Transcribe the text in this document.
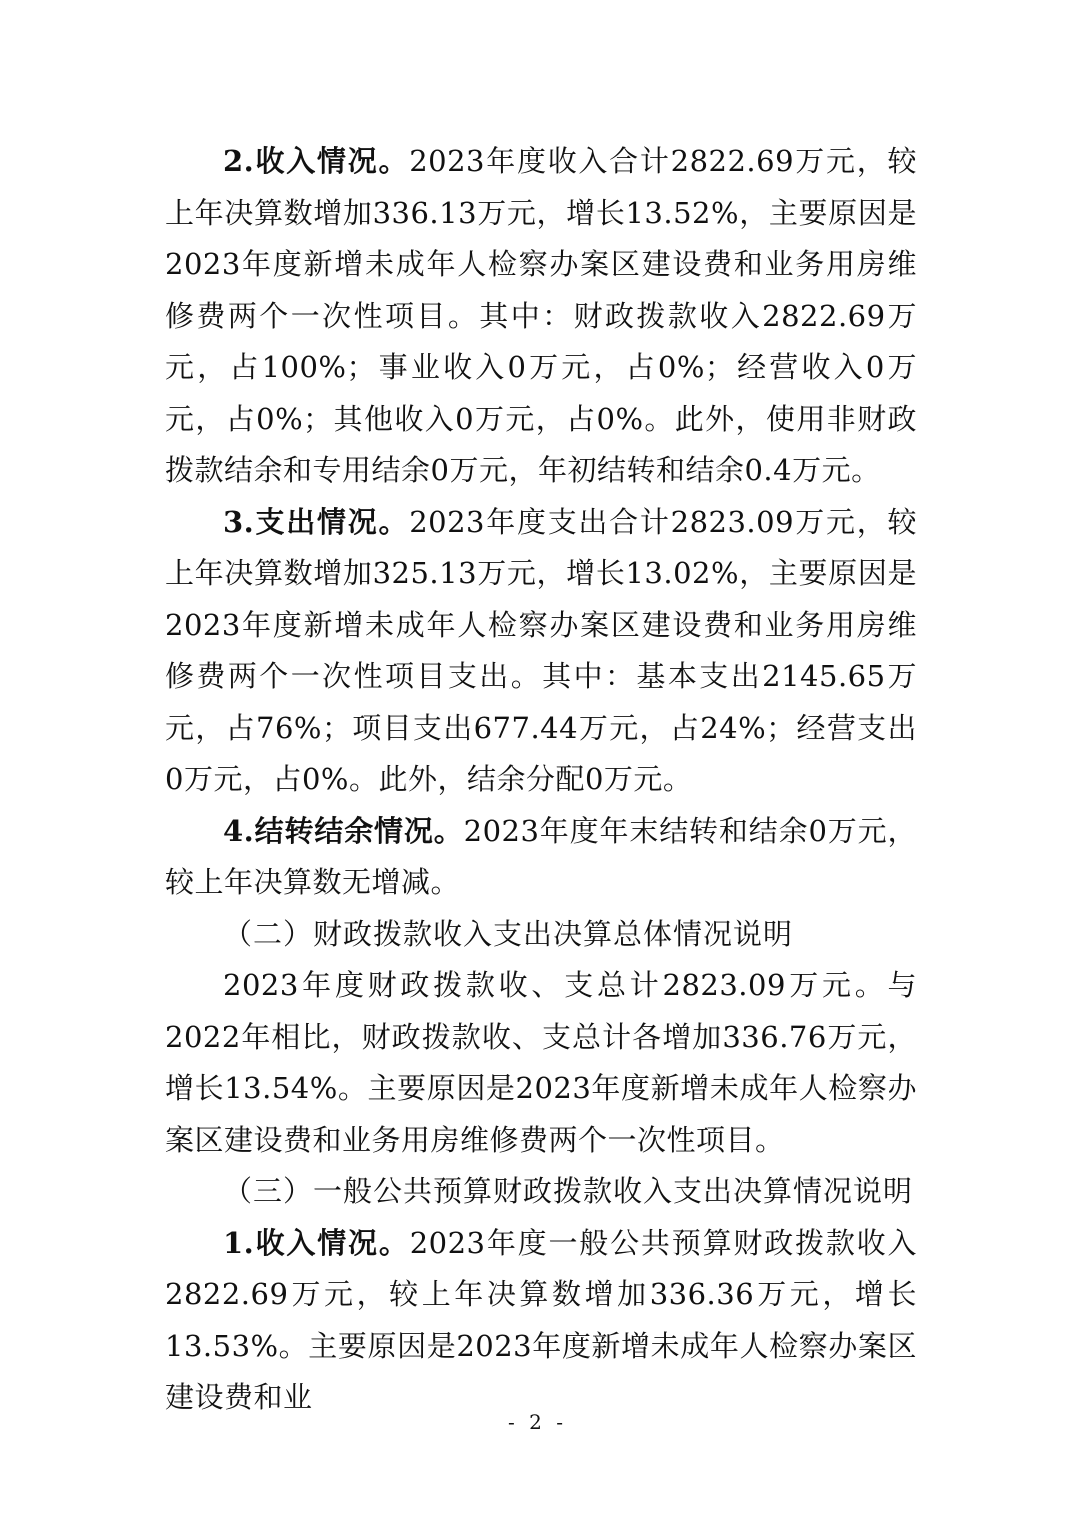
2.收入情况。2023年度收入合计2822.69万元，较上年决算数增加336.13万元，增长13.52%，主要原因是2023年度新增未成年人检察办案区建设费和业务用房维修费两个一次性项目。其中：财政拨款收入2822.69万元，占100%；事业收入0万元，占0%；经营收入0万元，占0%；其他收入0万元，占0%。此外，使用非财政拨款结余和专用结余0万元，年初结转和结余0.4万元。

3.支出情况。2023年度支出合计2823.09万元，较上年决算数增加325.13万元，增长13.02%，主要原因是2023年度新增未成年人检察办案区建设费和业务用房维修费两个一次性项目支出。其中：基本支出2145.65万元，占76%；项目支出677.44万元，占24%；经营支出0万元，占0%。此外，结余分配0万元。

4.结转结余情况。2023年度年末结转和结余0万元，较上年决算数无增减。

（二）财政拨款收入支出决算总体情况说明

2023年度财政拨款收、支总计2823.09万元。与2022年相比，财政拨款收、支总计各增加336.76万元，增长13.54%。主要原因是2023年度新增未成年人检察办案区建设费和业务用房维修费两个一次性项目。

（三）一般公共预算财政拨款收入支出决算情况说明

1.收入情况。2023年度一般公共预算财政拨款收入2822.69万元，较上年决算数增加336.36万元，增长13.53%。主要原因是2023年度新增未成年人检察办案区建设费和业

- 2 -
